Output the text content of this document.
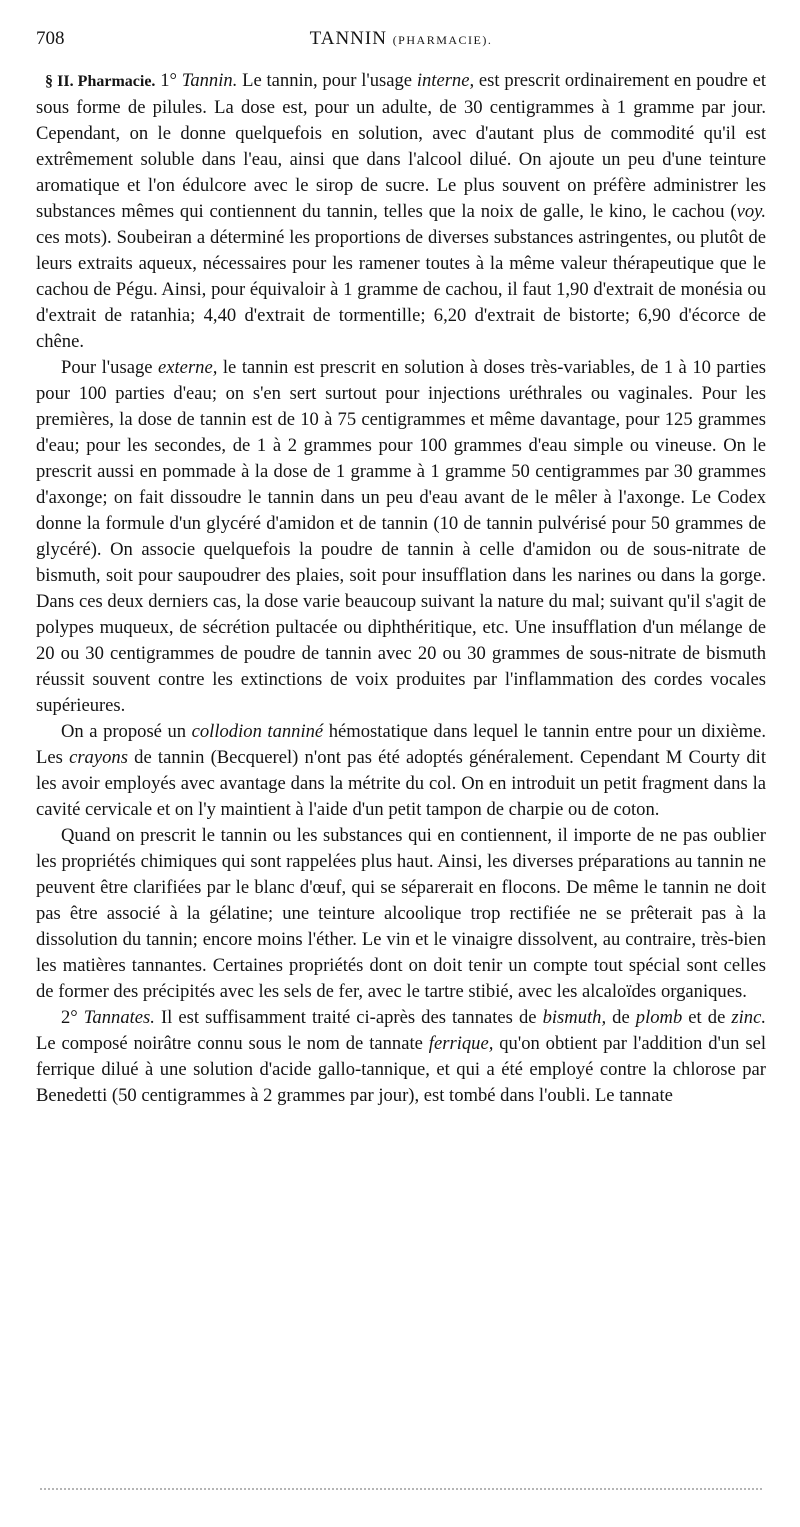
708	TANNIN (PHARMACIE).

§ II. Pharmacie. 1° Tannin. Le tannin, pour l'usage interne, est prescrit ordinairement en poudre et sous forme de pilules. La dose est, pour un adulte, de 30 centigrammes à 1 gramme par jour. Cependant, on le donne quelquefois en solution, avec d'autant plus de commodité qu'il est extrêmement soluble dans l'eau, ainsi que dans l'alcool dilué. On ajoute un peu d'une teinture aromatique et l'on édulcore avec le sirop de sucre. Le plus souvent on préfère administrer les substances mêmes qui contiennent du tannin, telles que la noix de galle, le kino, le cachou (voy. ces mots). Soubeiran a déterminé les proportions de diverses substances astringentes, ou plutôt de leurs extraits aqueux, nécessaires pour les ramener toutes à la même valeur thérapeutique que le cachou de Pégu. Ainsi, pour équivaloir à 1 gramme de cachou, il faut 1,90 d'extrait de monésia ou d'extrait de ratanhia; 4,40 d'extrait de tormentille; 6,20 d'extrait de bistorte; 6,90 d'écorce de chêne.

Pour l'usage externe, le tannin est prescrit en solution à doses très-variables, de 1 à 10 parties pour 100 parties d'eau; on s'en sert surtout pour injections uréthrales ou vaginales. Pour les premières, la dose de tannin est de 10 à 75 centigrammes et même davantage, pour 125 grammes d'eau; pour les secondes, de 1 à 2 grammes pour 100 grammes d'eau simple ou vineuse. On le prescrit aussi en pommade à la dose de 1 gramme à 1 gramme 50 centigrammes par 30 grammes d'axonge; on fait dissoudre le tannin dans un peu d'eau avant de le mêler à l'axonge. Le Codex donne la formule d'un glycéré d'amidon et de tannin (10 de tannin pulvérisé pour 50 grammes de glycéré). On associe quelquefois la poudre de tannin à celle d'amidon ou de sous-nitrate de bismuth, soit pour saupoudrer des plaies, soit pour insufflation dans les narines ou dans la gorge. Dans ces deux derniers cas, la dose varie beaucoup suivant la nature du mal; suivant qu'il s'agit de polypes muqueux, de sécrétion pultacée ou diphthéritique, etc. Une insufflation d'un mélange de 20 ou 30 centigrammes de poudre de tannin avec 20 ou 30 grammes de sous-nitrate de bismuth réussit souvent contre les extinctions de voix produites par l'inflammation des cordes vocales supérieures.

On a proposé un collodion tanniné hémostatique dans lequel le tannin entre pour un dixième. Les crayons de tannin (Becquerel) n'ont pas été adoptés généralement. Cependant M Courty dit les avoir employés avec avantage dans la métrite du col. On en introduit un petit fragment dans la cavité cervicale et on l'y maintient à l'aide d'un petit tampon de charpie ou de coton.

Quand on prescrit le tannin ou les substances qui en contiennent, il importe de ne pas oublier les propriétés chimiques qui sont rappelées plus haut. Ainsi, les diverses préparations au tannin ne peuvent être clarifiées par le blanc d'œuf, qui se séparerait en flocons. De même le tannin ne doit pas être associé à la gélatine; une teinture alcoolique trop rectifiée ne se prêterait pas à la dissolution du tannin; encore moins l'éther. Le vin et le vinaigre dissolvent, au contraire, très-bien les matières tannantes. Certaines propriétés dont on doit tenir un compte tout spécial sont celles de former des précipités avec les sels de fer, avec le tartre stibié, avec les alcaloïdes organiques.

2° Tannates. Il est suffisamment traité ci-après des tannates de bismuth, de plomb et de zinc. Le composé noirâtre connu sous le nom de tannate ferrique, qu'on obtient par l'addition d'un sel ferrique dilué à une solution d'acide gallo-tannique, et qui a été employé contre la chlorose par Benedetti (50 centigrammes à 2 grammes par jour), est tombé dans l'oubli. Le tannate
